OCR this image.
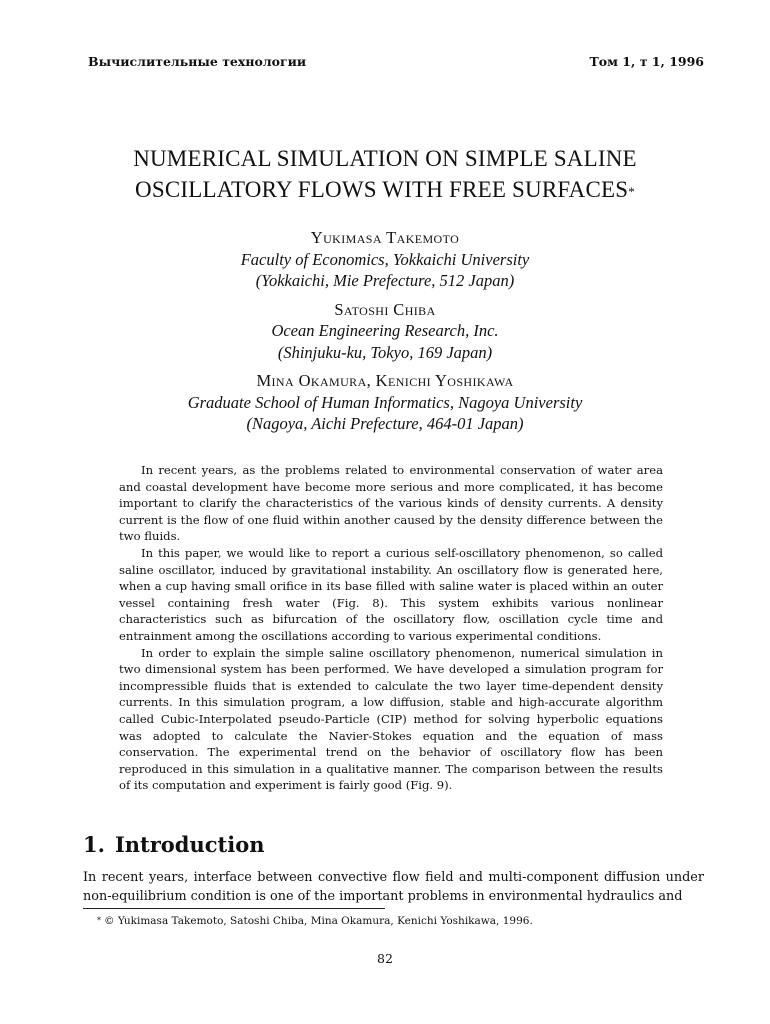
Вычислительные технологии	Том 1, т 1, 1996
NUMERICAL SIMULATION ON SIMPLE SALINE
OSCILLATORY FLOWS WITH FREE SURFACES*
Yukimasa Takemoto
Faculty of Economics, Yokkaichi University
(Yokkaichi, Mie Prefecture, 512 Japan)
Satoshi Chiba
Ocean Engineering Research, Inc.
(Shinjuku-ku, Tokyo, 169 Japan)
Mina Okamura, Kenichi Yoshikawa
Graduate School of Human Informatics, Nagoya University
(Nagoya, Aichi Prefecture, 464-01 Japan)

In recent years, as the problems related to environmental conservation of water area and coastal development have become more serious and more complicated, it has become important to clarify the characteristics of the various kinds of density currents. A density current is the flow of one fluid within another caused by the density difference between the two fluids.

In this paper, we would like to report a curious self-oscillatory phenomenon, so called saline oscillator, induced by gravitational instability. An oscillatory flow is generated here, when a cup having small orifice in its base filled with saline water is placed within an outer vessel containing fresh water (Fig. 8). This system exhibits various nonlinear characteristics such as bifurcation of the oscillatory flow, oscillation cycle time and entrainment among the oscillations according to various experimental conditions.

In order to explain the simple saline oscillatory phenomenon, numerical simulation in two dimensional system has been performed. We have developed a simulation program for incompressible fluids that is extended to calculate the two layer time-dependent density currents. In this simulation program, a low diffusion, stable and high-accurate algorithm called Cubic-Interpolated pseudo-Particle (CIP) method for solving hyperbolic equations was adopted to calculate the Navier-Stokes equation and the equation of mass conservation. The experimental trend on the behavior of oscillatory flow has been reproduced in this simulation in a qualitative manner. The comparison between the results of its computation and experiment is fairly good (Fig. 9).

1. Introduction

In recent years, interface between convective flow field and multi-component diffusion under non-equilibrium condition is one of the important problems in environmental hydraulics and

* © Yukimasa Takemoto, Satoshi Chiba, Mina Okamura, Kenichi Yoshikawa, 1996.
82
